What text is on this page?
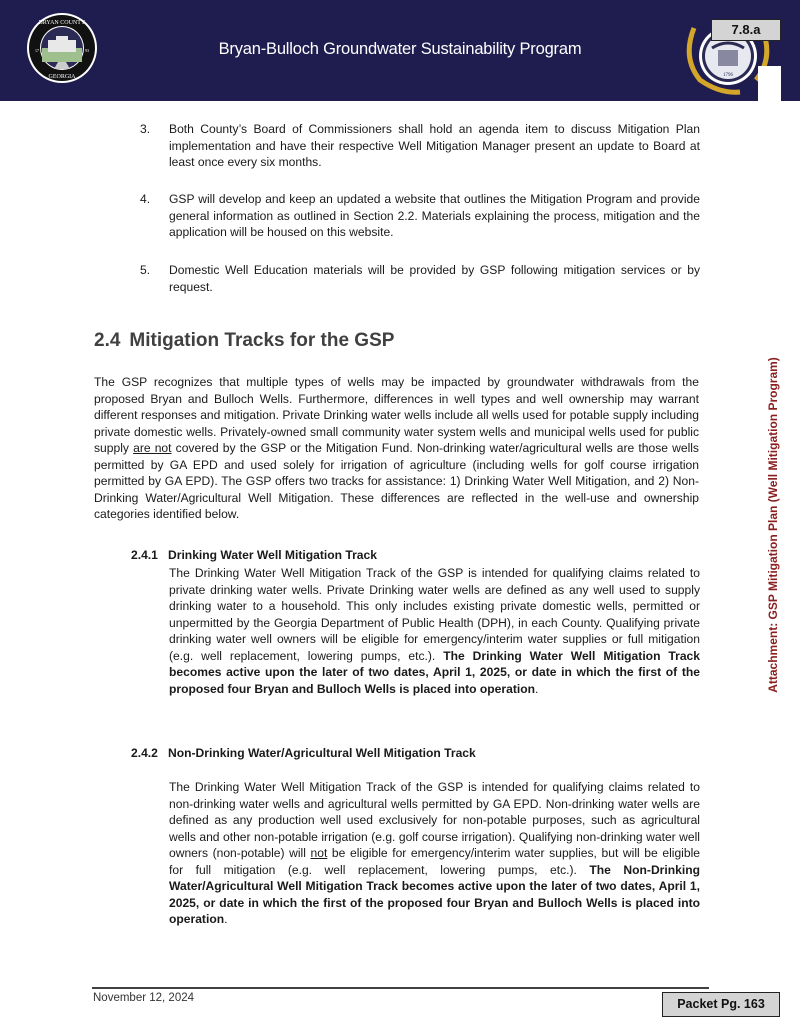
BRYAN COUNTY
GEORGIA
17	93	Bryan-Bulloch Groundwater Sustainability Program
1796
7.8.a
3. Both County’s Board of Commissioners shall hold an agenda item to discuss Mitigation Plan implementation and have their respective Well Mitigation Manager present an update to Board at least once every six months.
4. GSP will develop and keep an updated a website that outlines the Mitigation Program and provide general information as outlined in Section 2.2. Materials explaining the process, mitigation and the application will be housed on this website.
5. Domestic Well Education materials will be provided by GSP following mitigation services or by request.
2.4 Mitigation Tracks for the GSP
The GSP recognizes that multiple types of wells may be impacted by groundwater withdrawals from the proposed Bryan and Bulloch Wells. Furthermore, differences in well types and well ownership may warrant different responses and mitigation. Private Drinking water wells include all wells used for potable supply including private domestic wells. Privately-owned small community water system wells and municipal wells used for public supply are not covered by the GSP or the Mitigation Fund. Non-drinking water/agricultural wells are those wells permitted by GA EPD and used solely for irrigation of agriculture (including wells for golf course irrigation permitted by GA EPD). The GSP offers two tracks for assistance: 1) Drinking Water Well Mitigation, and 2) Non-Drinking Water/Agricultural Well Mitigation. These differences are reflected in the well-use and ownership categories identified below.
2.4.1 Drinking Water Well Mitigation Track
The Drinking Water Well Mitigation Track of the GSP is intended for qualifying claims related to private drinking water wells. Private Drinking water wells are defined as any well used to supply drinking water to a household. This only includes existing private domestic wells, permitted or unpermitted by the Georgia Department of Public Health (DPH), in each County. Qualifying private drinking water well owners will be eligible for emergency/interim water supplies or full mitigation (e.g. well replacement, lowering pumps, etc.). The Drinking Water Well Mitigation Track becomes active upon the later of two dates, April 1, 2025, or date in which the first of the proposed four Bryan and Bulloch Wells is placed into operation.
2.4.2 Non-Drinking Water/Agricultural Well Mitigation Track
The Drinking Water Well Mitigation Track of the GSP is intended for qualifying claims related to non-drinking water wells and agricultural wells permitted by GA EPD. Non-drinking water wells are defined as any production well used exclusively for non-potable purposes, such as agricultural wells and other non-potable irrigation (e.g. golf course irrigation). Qualifying non-drinking water well owners (non-potable) will not be eligible for emergency/interim water supplies, but will be eligible for full mitigation (e.g. well replacement, lowering pumps, etc.). The Non-Drinking Water/Agricultural Well Mitigation Track becomes active upon the later of two dates, April 1, 2025, or date in which the first of the proposed four Bryan and Bulloch Wells is placed into operation.
Attachment: GSP Mitigation Plan (Well Mitigation Program)
November 12, 2024	Packet Pg. 163
